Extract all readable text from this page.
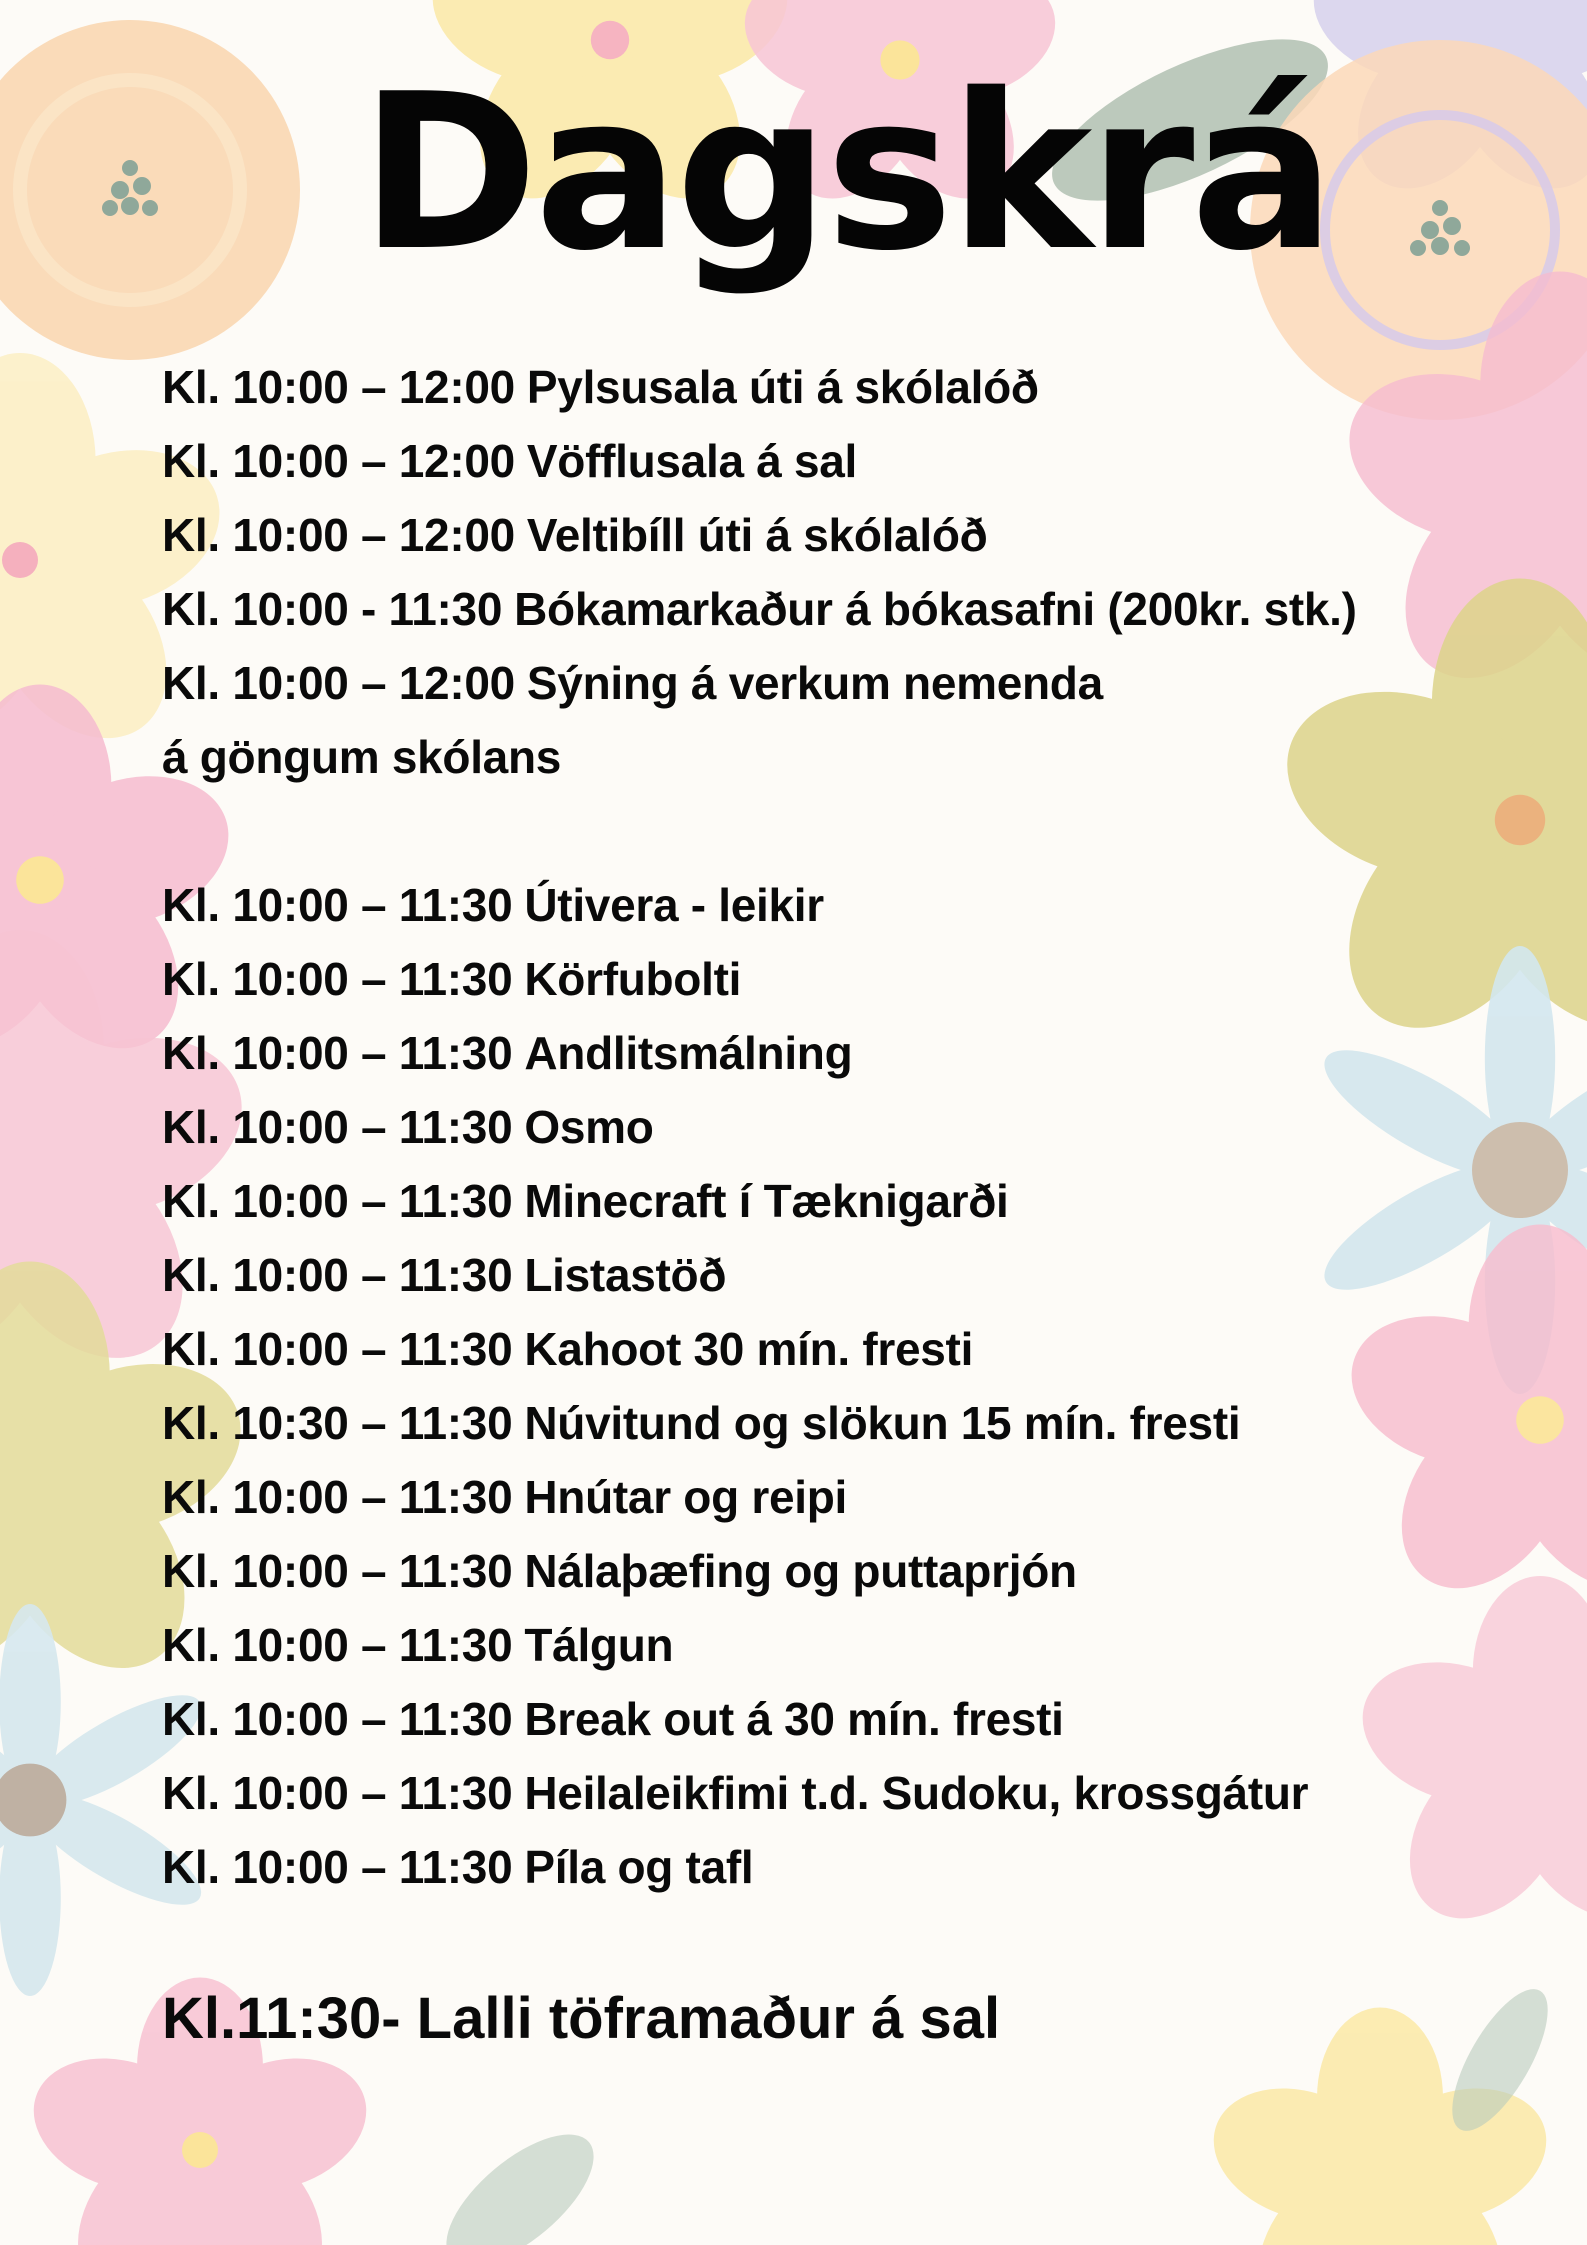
Dagskrá
Kl. 10:00 – 12:00 Pylsusala úti á skólalóð
Kl. 10:00 – 12:00 Vöfflusala á sal
Kl. 10:00 – 12:00 Veltibíll úti á skólalóð
Kl. 10:00 - 11:30 Bókamarkaður á bókasafni (200kr. stk.)
Kl. 10:00 – 12:00 Sýning á verkum nemenda
á göngum skólans
Kl. 10:00 – 11:30 Útivera - leikir
Kl. 10:00 – 11:30 Körfubolti
Kl. 10:00 – 11:30 Andlitsmálning
Kl. 10:00 – 11:30 Osmo
Kl. 10:00 – 11:30 Minecraft í Tæknigarði
Kl. 10:00 – 11:30 Listastöð
Kl. 10:00 – 11:30 Kahoot 30 mín. fresti
Kl. 10:30 – 11:30 Núvitund og slökun 15 mín. fresti
Kl. 10:00 – 11:30 Hnútar og reipi
Kl. 10:00 – 11:30 Nálaþæfing og puttaprjón
Kl. 10:00 – 11:30 Tálgun
Kl. 10:00 – 11:30 Break out á 30 mín. fresti
Kl. 10:00 – 11:30 Heilaleikfimi t.d. Sudoku, krossgátur
Kl. 10:00 – 11:30 Píla og tafl

Kl.11:30- Lalli töframaður á sal
